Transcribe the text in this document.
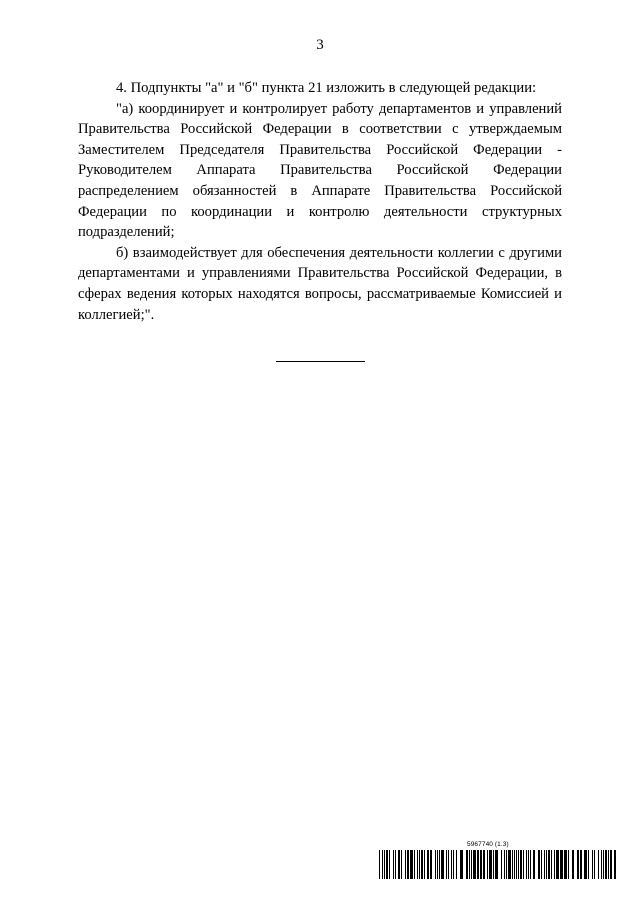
3

4. Подпункты "а" и "б" пункта 21 изложить в следующей редакции:

"а) координирует и контролирует работу департаментов и управлений Правительства Российской Федерации в соответствии с утверждаемым Заместителем Председателя Правительства Российской Федерации - Руководителем Аппарата Правительства Российской Федерации распределением обязанностей в Аппарате Правительства Российской Федерации по координации и контролю деятельности структурных подразделений;

б) взаимодействует для обеспечения деятельности коллегии с другими департаментами и управлениями Правительства Российской Федерации, в сферах ведения которых находятся вопросы, рассматриваемые Комиссией и коллегией;".

5967740 (1.3)
